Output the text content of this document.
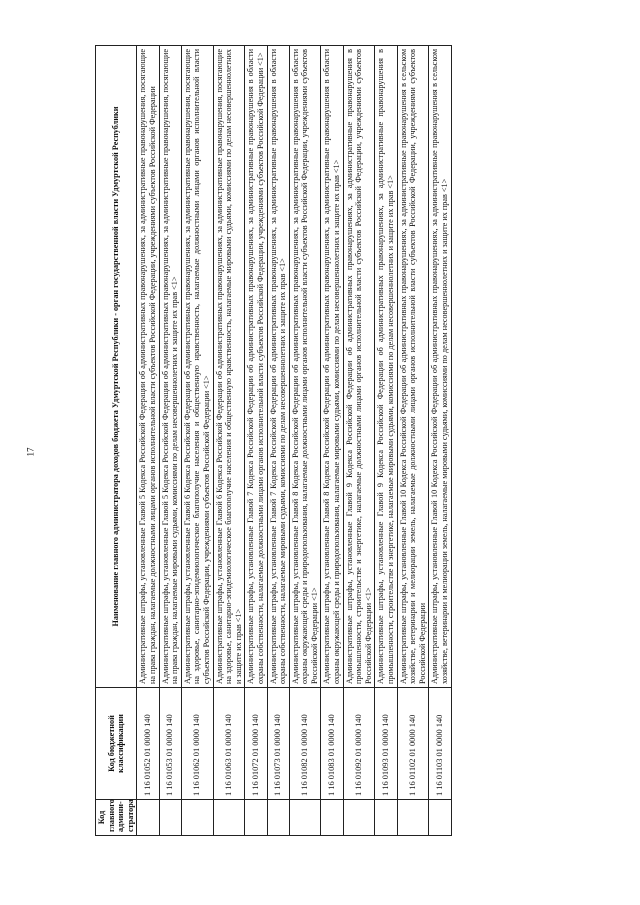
17
Код главного админи-стратора	Код бюджетной классификации	Наименование главного администратора доходов бюджета Удмуртской Республики - орган государственной власти Удмуртской Республики
	1 16 01052 01 0000 140	Административные штрафы, установленные Главой 5 Кодекса Российской Федерации об административных правонарушениях, за административные правонарушения, посягающие на права граждан, налагаемые должностными лицами органов исполнительной власти субъектов Российской Федерации, учреждениями субъектов Российской Федерации
	1 16 01053 01 0000 140	Административные штрафы, установленные Главой 5 Кодекса Российской Федерации об административных правонарушениях, за административные правонарушения, посягающие на права граждан, налагаемые мировыми судьями, комиссиями по делам несовершеннолетних и защите их прав <1>
	1 16 01062 01 0000 140	Административные штрафы, установленные Главой 6 Кодекса Российской Федерации об административных правонарушениях, за административные правонарушения, посягающие на здоровье, санитарно-эпидемиологическое благополучие населения и общественную нравственность, налагаемые должностными лицами органов исполнительной власти субъектов Российской Федерации, учреждениями субъектов Российской Федерации <1>
	1 16 01063 01 0000 140	Административные штрафы, установленные Главой 6 Кодекса Российской Федерации об административных правонарушениях, за административные правонарушения, посягающие на здоровье, санитарно-эпидемиологическое благополучие населения и общественную нравственность, налагаемые мировыми судьями, комиссиями по делам несовершеннолетних и защите их прав <1>
	1 16 01072 01 0000 140	Административные штрафы, установленные Главой 7 Кодекса Российской Федерации об административных правонарушениях, за административные правонарушения в области охраны собственности, налагаемые должностными лицами органов исполнительной власти субъектов Российской Федерации, учреждениями субъектов Российской Федерации <1>
	1 16 01073 01 0000 140	Административные штрафы, установленные Главой 7 Кодекса Российской Федерации об административных правонарушениях, за административные правонарушения в области охраны собственности, налагаемые мировыми судьями, комиссиями по делам несовершеннолетних и защите их прав <1>
	1 16 01082 01 0000 140	Административные штрафы, установленные Главой 8 Кодекса Российской Федерации об административных правонарушениях, за административные правонарушения в области охраны окружающей среды и природопользования, налагаемые должностными лицами органов исполнительной власти субъектов Российской Федерации, учреждениями субъектов Российской Федерации <1>
	1 16 01083 01 0000 140	Административные штрафы, установленные Главой 8 Кодекса Российской Федерации об административных правонарушениях, за административные правонарушения в области охраны окружающей среды и природопользования, налагаемые мировыми судьями, комиссиями по делам несовершеннолетних и защите их прав <1>
	1 16 01092 01 0000 140	Административные штрафы, установленные Главой 9 Кодекса Российской Федерации об административных правонарушениях, за административные правонарушения в промышленности, строительстве и энергетике, налагаемые должностными лицами органов исполнительной власти субъектов Российской Федерации, учреждениями субъектов Российской Федерации <1>
	1 16 01093 01 0000 140	Административные штрафы, установленные Главой 9 Кодекса Российской Федерации об административных правонарушениях, за административные правонарушения в промышленности, строительстве и энергетике, налагаемые мировыми судьями, комиссиями по делам несовершеннолетних и защите их прав <1>
	1 16 01102 01 0000 140	Административные штрафы, установленные Главой 10 Кодекса Российской Федерации об административных правонарушениях, за административные правонарушения в сельском хозяйстве, ветеринарии и мелиорации земель, налагаемые должностными лицами органов исполнительной власти субъектов Российской Федерации, учреждениями субъектов Российской Федерации
	1 16 01103 01 0000 140	Административные штрафы, установленные Главой 10 Кодекса Российской Федерации об административных правонарушениях, за административные правонарушения в сельском хозяйстве, ветеринарии и мелиорации земель, налагаемые мировыми судьями, комиссиями по делам несовершеннолетних и защите их прав <1>
